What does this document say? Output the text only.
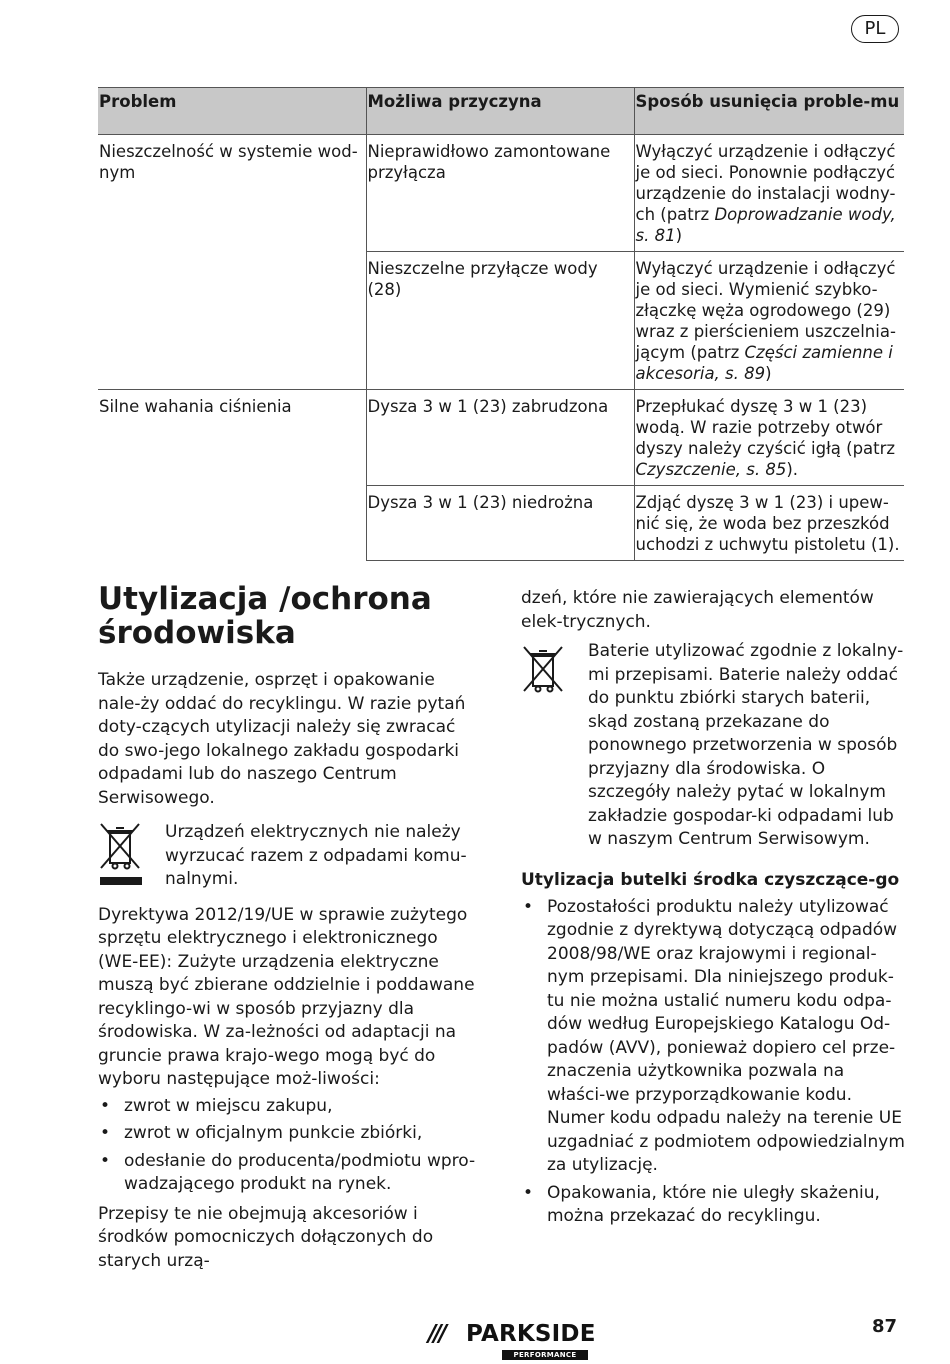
PL
Problem	Możliwa przyczyna	Sposób usunięcia proble-mu
Nieszczelność w systemie wod-nym	Nieprawidłowo zamontowane przyłącza	Wyłączyć urządzenie i odłączyć je od sieci. Ponownie podłączyć urządzenie do instalacji wodny-ch (patrz Doprowadzanie wody, s. 81)
	Nieszczelne przyłącze wody (28)	Wyłączyć urządzenie i odłączyć je od sieci. Wymienić szybko-złączkę węża ogrodowego (29) wraz z pierścieniem uszczelnia-jącym (patrz Części zamienne i akcesoria, s. 89)
Silne wahania ciśnienia	Dysza 3 w 1 (23) zabrudzona	Przepłukać dyszę 3 w 1 (23) wodą. W razie potrzeby otwór dyszy należy czyścić igłą (patrz Czyszczenie, s. 85).
	Dysza 3 w 1 (23) niedrożna	Zdjąć dyszę 3 w 1 (23) i upew-nić się, że woda bez przeszkód uchodzi z uchwytu pistoletu (1).
Utylizacja /ochrona środowiska

Także urządzenie, osprzęt i opakowanie nale-ży oddać do recyklingu. W razie pytań doty-czących utylizacji należy się zwracać do swo-jego lokalnego zakładu gospodarki odpadami lub do naszego Centrum Serwisowego.

Urządzeń elektrycznych nie należy wyrzucać razem z odpadami komu-nalnymi.

Dyrektywa 2012/19/UE w sprawie zużytego sprzętu elektrycznego i elektronicznego (WE-EE): Zużyte urządzenia elektryczne muszą być zbierane oddzielnie i poddawane recyklingo-wi w sposób przyjazny dla środowiska. W za-leżności od adaptacji na gruncie prawa krajo-wego mogą być do wyboru następujące moż-liwości:

• zwrot w miejscu zakupu,
• zwrot w oficjalnym punkcie zbiórki,
• odesłanie do producenta/podmiotu wpro-wadzającego produkt na rynek.

Przepisy te nie obejmują akcesoriów i środków pomocniczych dołączonych do starych urzą-

dzeń, które nie zawierających elementów elek-trycznych.

Baterie utylizować zgodnie z lokalny-mi przepisami. Baterie należy oddać do punktu zbiórki starych baterii, skąd zostaną przekazane do ponownego przetworzenia w sposób przyjazny dla środowiska. O szczegóły należy pytać w lokalnym zakładzie gospodar-ki odpadami lub w naszym Centrum Serwisowym.

Utylizacja butelki środka czyszczące-go

• Pozostałości produktu należy utylizować zgodnie z dyrektywą dotyczącą odpadów 2008/98/WE oraz krajowymi i regional-nym przepisami. Dla niniejszego produk-tu nie można ustalić numeru kodu odpa-dów według Europejskiego Katalogu Od-padów (AVV), ponieważ dopiero cel prze-znaczenia użytkownika pozwala na właści-we przyporządkowanie kodu. Numer kodu odpadu należy na terenie UE uzgadniać z podmiotem odpowiedzialnym za utylizację.
• Opakowania, które nie uległy skażeniu, można przekazać do recyklingu.
/// PARKSIDE
PERFORMANCE
87
